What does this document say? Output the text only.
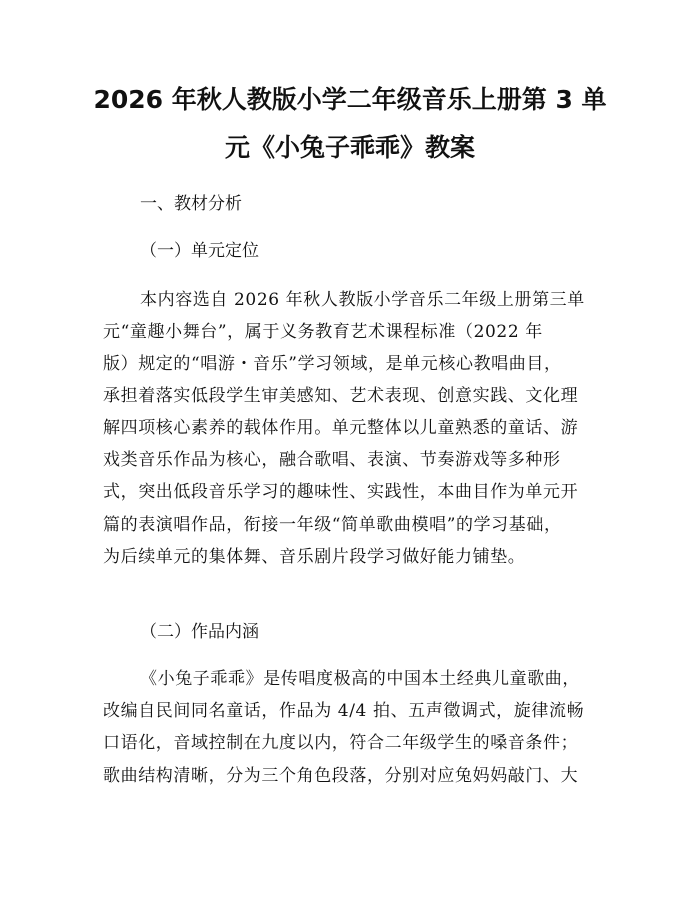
2026 年秋人教版小学二年级音乐上册第 3 单
元《小兔子乖乖》教案
一、教材分析
（一）单元定位
本内容选自 2026 年秋人教版小学音乐二年级上册第三单
元“童趣小舞台”，属于义务教育艺术课程标准（2022 年
版）规定的“唱游・音乐”学习领域，是单元核心教唱曲目，
承担着落实低段学生审美感知、艺术表现、创意实践、文化理
解四项核心素养的载体作用。单元整体以儿童熟悉的童话、游
戏类音乐作品为核心，融合歌唱、表演、节奏游戏等多种形
式，突出低段音乐学习的趣味性、实践性，本曲目作为单元开
篇的表演唱作品，衔接一年级“简单歌曲模唱”的学习基础，
为后续单元的集体舞、音乐剧片段学习做好能力铺垫。
（二）作品内涵
《小兔子乖乖》是传唱度极高的中国本土经典儿童歌曲，
改编自民间同名童话，作品为 4/4 拍、五声徵调式，旋律流畅
口语化，音域控制在九度以内，符合二年级学生的嗓音条件；
歌曲结构清晰，分为三个角色段落，分别对应兔妈妈敲门、大
